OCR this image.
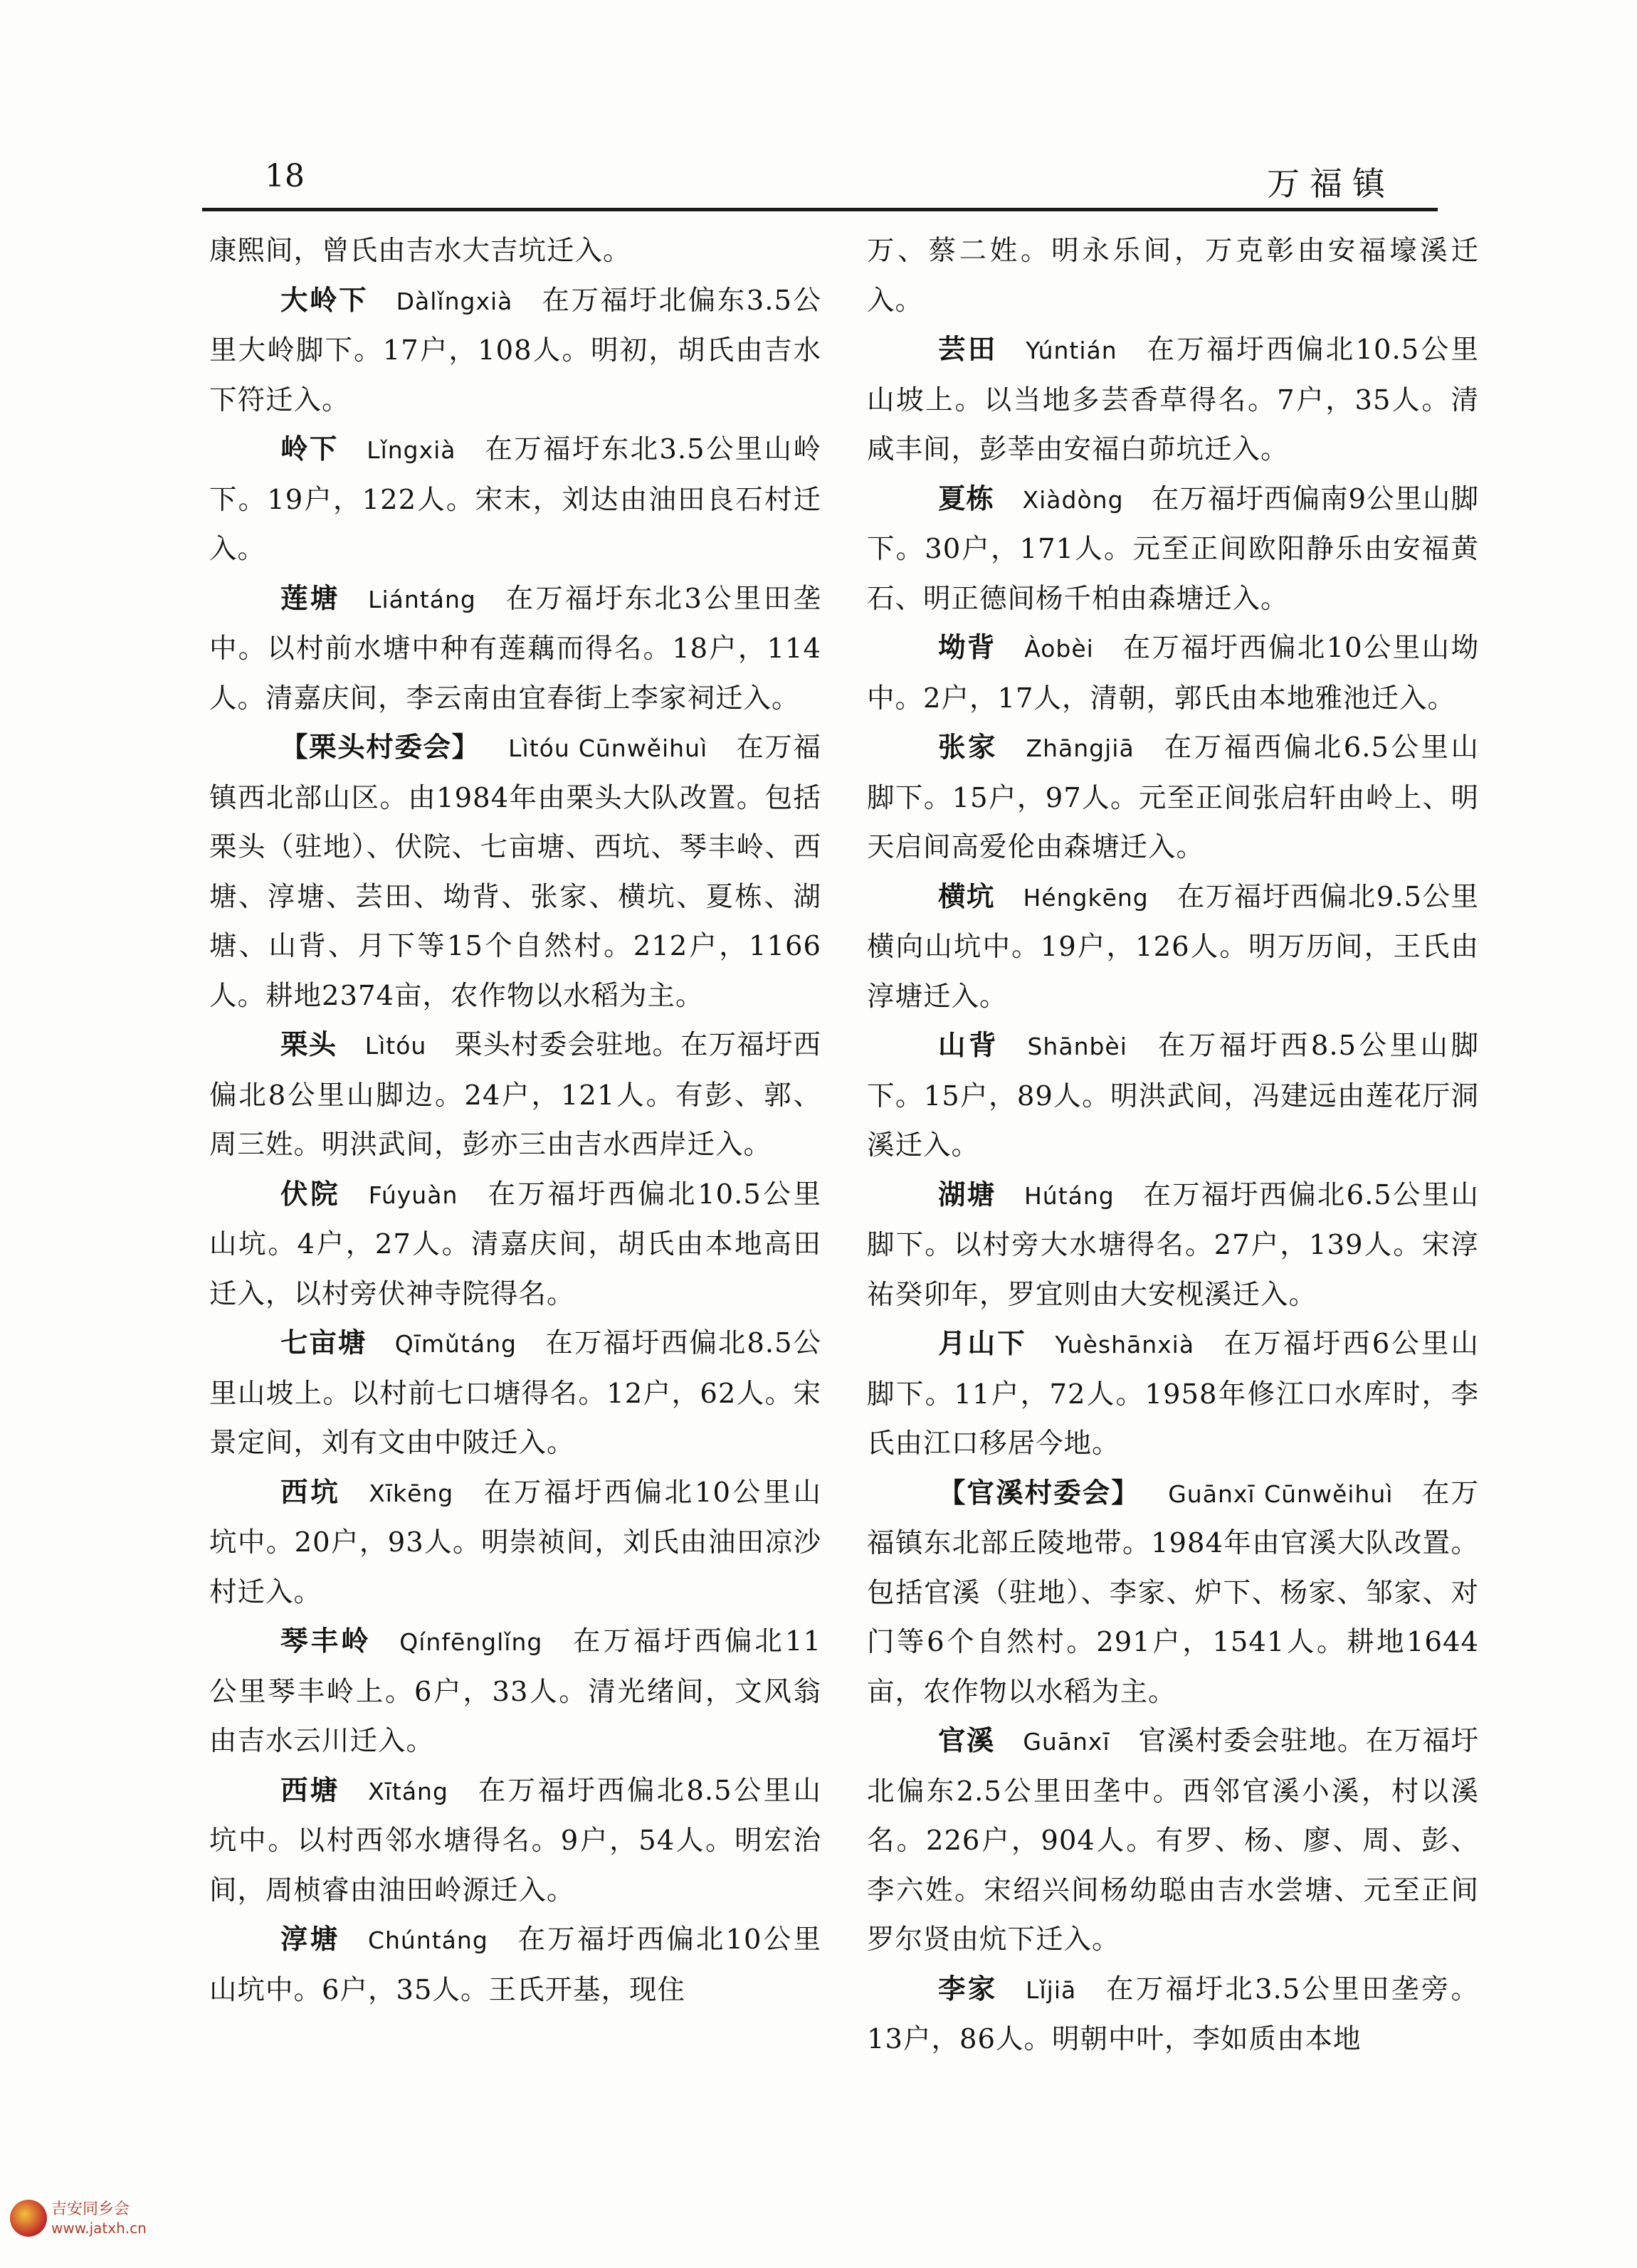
18	万福镇

康熙间，曾氏由吉水大吉坑迁入。

大岭下  Dàlǐngxià  在万福圩北偏东3.5公里大岭脚下。17户，108人。明初，胡氏由吉水下符迁入。

岭下  Lǐngxià  在万福圩东北3.5公里山岭下。19户，122人。宋末，刘达由油田良石村迁入。

莲塘  Liántáng  在万福圩东北3公里田垄中。以村前水塘中种有莲藕而得名。18户，114人。清嘉庆间，李云南由宜春街上李家祠迁入。

【栗头村委会】  Lìtóu Cūnwěihuì  在万福镇西北部山区。由1984年由栗头大队改置。包括栗头（驻地）、伏院、七亩塘、西坑、琴丰岭、西塘、淳塘、芸田、坳背、张家、横坑、夏栋、湖塘、山背、月下等15个自然村。212户，1166人。耕地2374亩，农作物以水稻为主。

栗头  Lìtóu  栗头村委会驻地。在万福圩西偏北8公里山脚边。24户，121人。有彭、郭、周三姓。明洪武间，彭亦三由吉水西岸迁入。

伏院  Fúyuàn  在万福圩西偏北10.5公里山坑。4户，27人。清嘉庆间，胡氏由本地高田迁入，以村旁伏神寺院得名。

七亩塘  Qīmǔtáng  在万福圩西偏北8.5公里山坡上。以村前七口塘得名。12户，62人。宋景定间，刘有文由中陂迁入。

西坑  Xīkēng  在万福圩西偏北10公里山坑中。20户，93人。明崇祯间，刘氏由油田凉沙村迁入。

琴丰岭  Qínfēnglǐng  在万福圩西偏北11公里琴丰岭上。6户，33人。清光绪间，文风翁由吉水云川迁入。

西塘  Xītáng  在万福圩西偏北8.5公里山坑中。以村西邻水塘得名。9户，54人。明宏治间，周桢睿由油田岭源迁入。

淳塘  Chúntáng  在万福圩西偏北10公里山坑中。6户，35人。王氏开基，现住

万、蔡二姓。明永乐间，万克彰由安福壕溪迁入。

芸田  Yúntián  在万福圩西偏北10.5公里山坡上。以当地多芸香草得名。7户，35人。清咸丰间，彭莘由安福白茆坑迁入。

夏栋  Xiàdòng  在万福圩西偏南9公里山脚下。30户，171人。元至正间欧阳静乐由安福黄石、明正德间杨千柏由森塘迁入。

坳背  Àobèi  在万福圩西偏北10公里山坳中。2户，17人，清朝，郭氏由本地雅池迁入。

张家  Zhāngjiā  在万福西偏北6.5公里山脚下。15户，97人。元至正间张启轩由岭上、明天启间高爱伦由森塘迁入。

横坑  Héngkēng  在万福圩西偏北9.5公里横向山坑中。19户，126人。明万历间，王氏由淳塘迁入。

山背  Shānbèi  在万福圩西8.5公里山脚下。15户，89人。明洪武间，冯建远由莲花厅洞溪迁入。

湖塘  Hútáng  在万福圩西偏北6.5公里山脚下。以村旁大水塘得名。27户，139人。宋淳祐癸卯年，罗宜则由大安枧溪迁入。

月山下  Yuèshānxià  在万福圩西6公里山脚下。11户，72人。1958年修江口水库时，李氏由江口移居今地。

【官溪村委会】  Guānxī Cūnwěihuì  在万福镇东北部丘陵地带。1984年由官溪大队改置。包括官溪（驻地）、李家、炉下、杨家、邹家、对门等6个自然村。291户，1541人。耕地1644亩，农作物以水稻为主。

官溪  Guānxī  官溪村委会驻地。在万福圩北偏东2.5公里田垄中。西邻官溪小溪，村以溪名。226户，904人。有罗、杨、廖、周、彭、李六姓。宋绍兴间杨幼聪由吉水尝塘、元至正间罗尔贤由炕下迁入。

李家  Lǐjiā  在万福圩北3.5公里田垄旁。13户，86人。明朝中叶，李如质由本地

吉安同乡会
www.jatxh.cn
